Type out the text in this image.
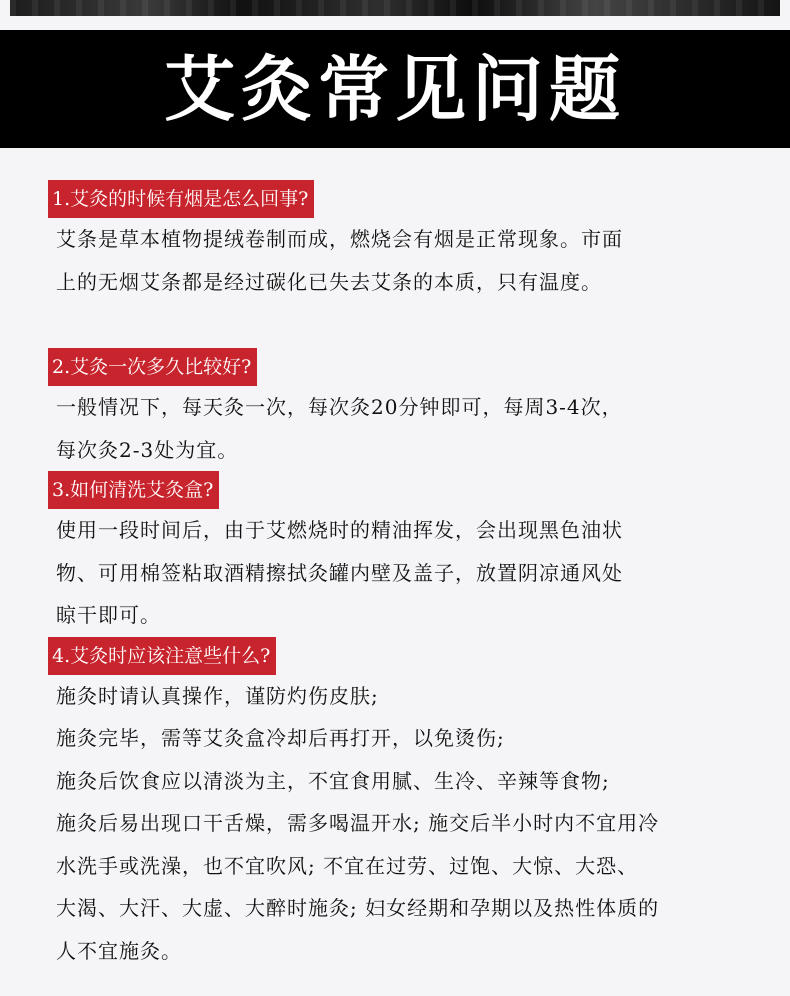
艾灸常见问题
1.艾灸的时候有烟是怎么回事?
艾条是草本植物提绒卷制而成，燃烧会有烟是正常现象。市面
上的无烟艾条都是经过碳化已失去艾条的本质，只有温度。
2.艾灸一次多久比较好?
一般情况下，每天灸一次，每次灸20分钟即可，每周3-4次，
每次灸2-3处为宜。
3.如何清洗艾灸盒?
使用一段时间后，由于艾燃烧时的精油挥发，会出现黑色油状
物、可用棉签粘取酒精擦拭灸罐内壁及盖子，放置阴凉通风处
晾干即可。
4.艾灸时应该注意些什么?
施灸时请认真操作，谨防灼伤皮肤;
施灸完毕，需等艾灸盒冷却后再打开，以免烫伤;
施灸后饮食应以清淡为主，不宜食用腻、生冷、辛辣等食物;
施灸后易出现口干舌燥，需多喝温开水; 施交后半小时内不宜用冷
水洗手或洗澡，也不宜吹风; 不宜在过劳、过饱、大惊、大恐、
大渴、大汗、大虚、大醉时施灸; 妇女经期和孕期以及热性体质的
人不宜施灸。
